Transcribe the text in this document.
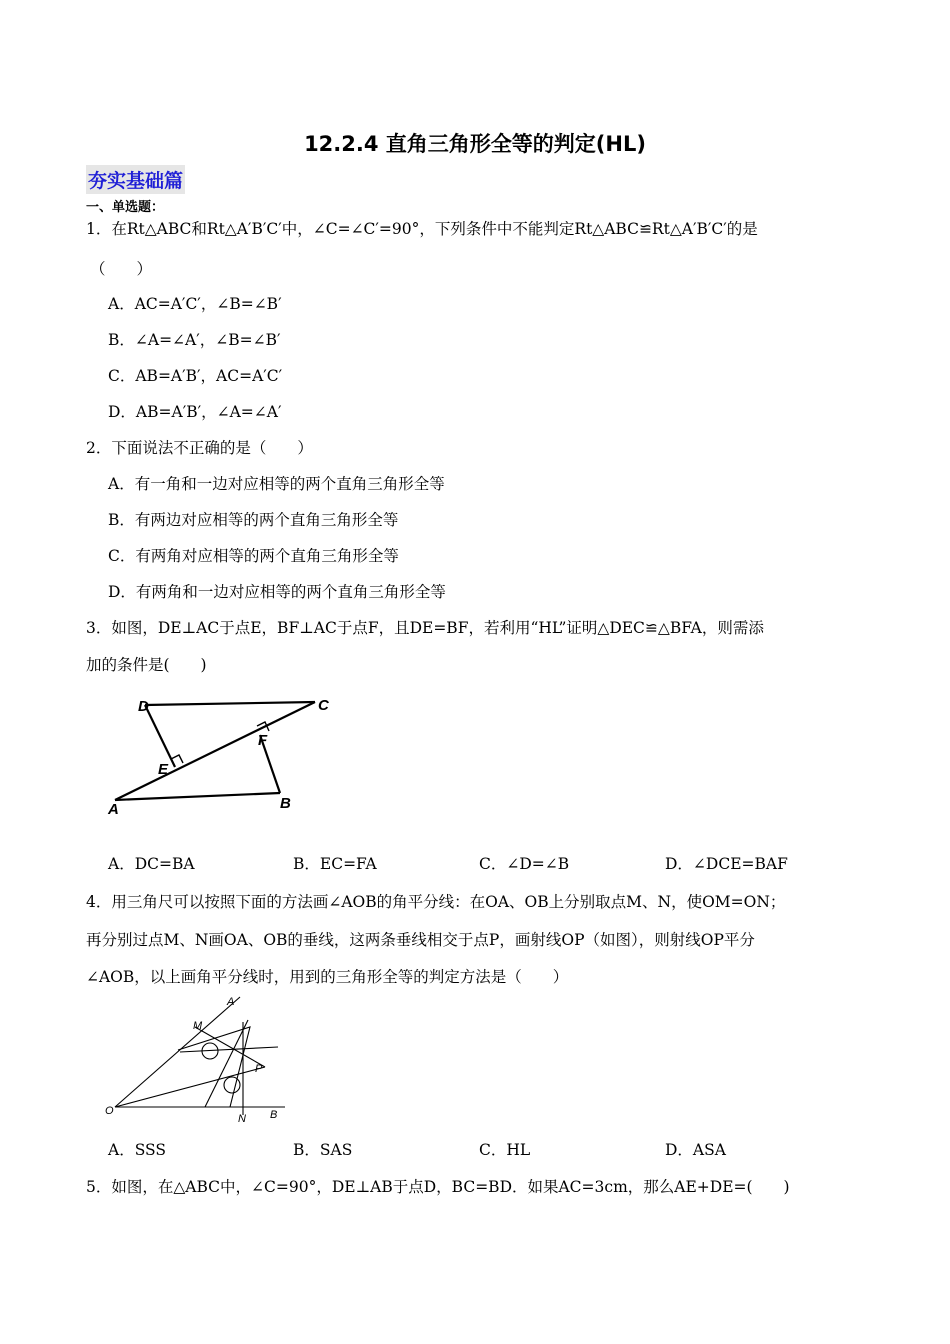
12.2.4 直角三角形全等的判定(HL)
夯实基础篇
一、单选题：
1．在Rt△ABC和Rt△A′B′C′中，∠C=∠C′=90°，下列条件中不能判定Rt△ABC≌Rt△A′B′C′的是
（　　）
A．AC=A′C′，∠B=∠B′
B．∠A=∠A′，∠B=∠B′
C．AB=A′B′，AC=A′C′
D．AB=A′B′，∠A=∠A′
2．下面说法不正确的是（　　）
A．有一角和一边对应相等的两个直角三角形全等
B．有两边对应相等的两个直角三角形全等
C．有两角对应相等的两个直角三角形全等
D．有两角和一边对应相等的两个直角三角形全等
3．如图，DE⊥AC于点E，BF⊥AC于点F，且DE=BF，若利用“HL”证明△DEC≌△BFA，则需添
加的条件是(　　)
D	C
F
E
A	B
A．DC=BA	B．EC=FA	C．∠D=∠B	D．∠DCE=BAF
4．用三角尺可以按照下面的方法画∠AOB的角平分线：在OA、OB上分别取点M、N，使OM=ON；
再分别过点M、N画OA、OB的垂线，这两条垂线相交于点P，画射线OP（如图），则射线OP平分
∠AOB，以上画角平分线时，用到的三角形全等的判定方法是（　　）
A
M
P
O
N B
A．SSS	B．SAS	C．HL	D．ASA
5．如图，在△ABC中，∠C=90°，DE⊥AB于点D，BC=BD．如果AC=3cm，那么AE+DE=(　　)
